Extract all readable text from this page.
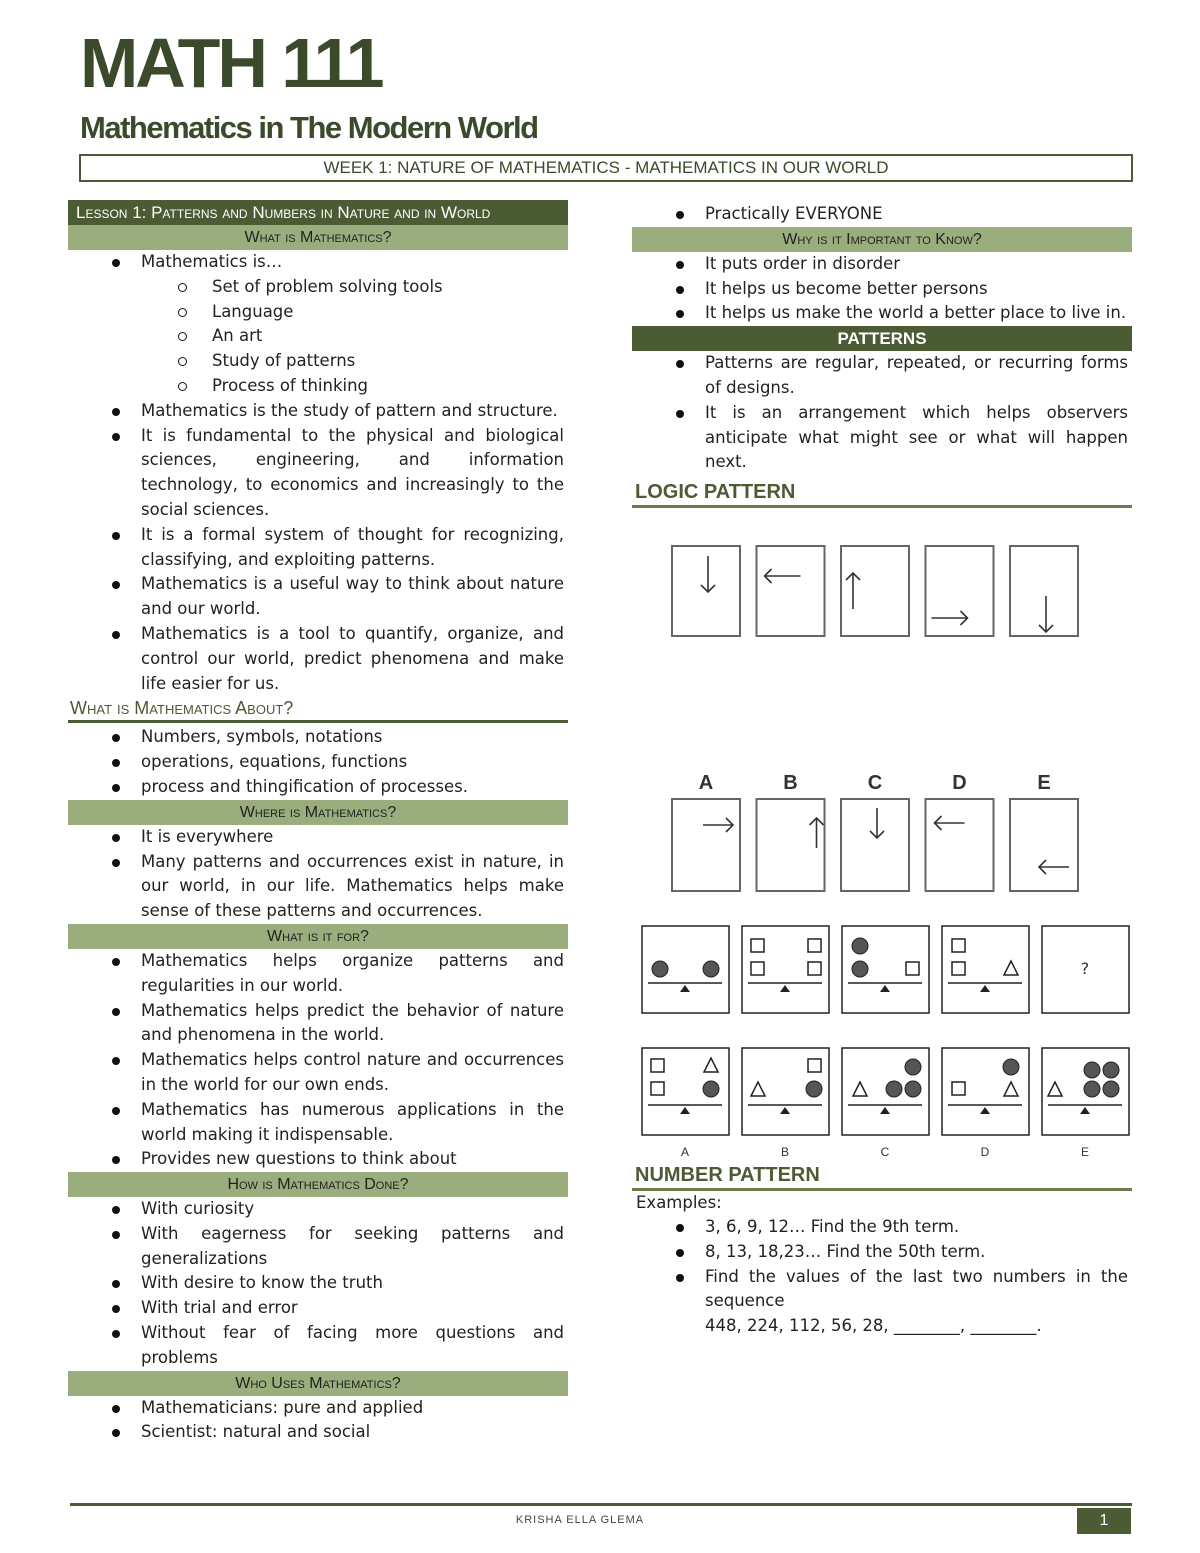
MATH 111
Mathematics in The Modern World
WEEK 1: NATURE OF MATHEMATICS - MATHEMATICS IN OUR WORLD
Lesson 1: Patterns and Numbers in Nature and in World
What is Mathematics?
Mathematics is…
Set of problem solving tools
Language
An art
Study of patterns
Process of thinking
Mathematics is the study of pattern and structure.
It is fundamental to the physical and biological sciences, engineering, and information technology, to economics and increasingly to the social sciences.
It is a formal system of thought for recognizing, classifying, and exploiting patterns.
Mathematics is a useful way to think about nature and our world.
Mathematics is a tool to quantify, organize, and control our world, predict phenomena and make life easier for us.
What is Mathematics About?
Numbers, symbols, notations
operations, equations, functions
process and thingification of processes.
Where is Mathematics?
It is everywhere
Many patterns and occurrences exist in nature, in our world, in our life. Mathematics helps make sense of these patterns and occurrences.
What is it for?
Mathematics helps organize patterns and regularities in our world.
Mathematics helps predict the behavior of nature and phenomena in the world.
Mathematics helps control nature and occurrences in the world for our own ends.
Mathematics has numerous applications in the world making it indispensable.
Provides new questions to think about
How is Mathematics Done?
With curiosity
With eagerness for seeking patterns and generalizations
With desire to know the truth
With trial and error
Without fear of facing more questions and problems
Who Uses Mathematics?
Mathematicians: pure and applied
Scientist: natural and social
Practically EVERYONE
Why is it Important to Know?
It puts order in disorder
It helps us become better persons
It helps us make the world a better place to live in.
PATTERNS
Patterns are regular, repeated, or recurring forms of designs.
It is an arrangement which helps observers anticipate what might see or what will happen next.
LOGIC PATTERN
A	B	C	D	E
?
A	B	C	D	E
NUMBER PATTERN
Examples:
3, 6, 9, 12… Find the 9th term.
8, 13, 18,23… Find the 50th term.
Find the values of the last two numbers in the sequence
448, 224, 112, 56, 28, ________, ________.
KRISHA ELLA GLEMA	1
